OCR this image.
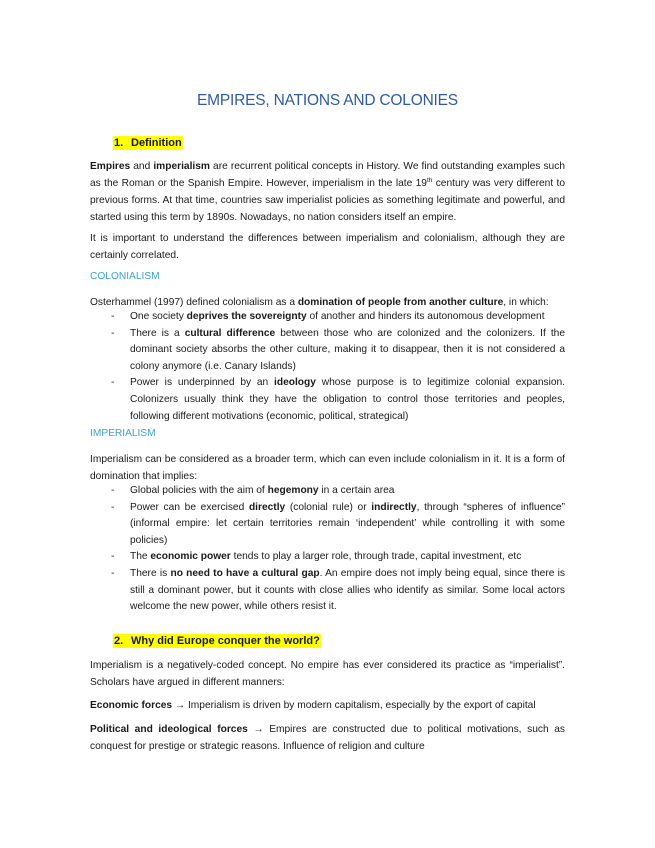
EMPIRES, NATIONS AND COLONIES
1. Definition
Empires and imperialism are recurrent political concepts in History. We find outstanding examples such as the Roman or the Spanish Empire. However, imperialism in the late 19th century was very different to previous forms. At that time, countries saw imperialist policies as something legitimate and powerful, and started using this term by 1890s. Nowadays, no nation considers itself an empire.
It is important to understand the differences between imperialism and colonialism, although they are certainly correlated.
COLONIALISM
Osterhammel (1997) defined colonialism as a domination of people from another culture, in which:
- One society deprives the sovereignty of another and hinders its autonomous development
- There is a cultural difference between those who are colonized and the colonizers. If the dominant society absorbs the other culture, making it to disappear, then it is not considered a colony anymore (i.e. Canary Islands)
- Power is underpinned by an ideology whose purpose is to legitimize colonial expansion. Colonizers usually think they have the obligation to control those territories and peoples, following different motivations (economic, political, strategical)
IMPERIALISM
Imperialism can be considered as a broader term, which can even include colonialism in it. It is a form of domination that implies:
- Global policies with the aim of hegemony in a certain area
- Power can be exercised directly (colonial rule) or indirectly, through “spheres of influence” (informal empire: let certain territories remain ‘independent’ while controlling it with some policies)
- The economic power tends to play a larger role, through trade, capital investment, etc
- There is no need to have a cultural gap. An empire does not imply being equal, since there is still a dominant power, but it counts with close allies who identify as similar. Some local actors welcome the new power, while others resist it.
2. Why did Europe conquer the world?
Imperialism is a negatively-coded concept. No empire has ever considered its practice as “imperialist”. Scholars have argued in different manners:
Economic forces → Imperialism is driven by modern capitalism, especially by the export of capital
Political and ideological forces → Empires are constructed due to political motivations, such as conquest for prestige or strategic reasons. Influence of religion and culture
